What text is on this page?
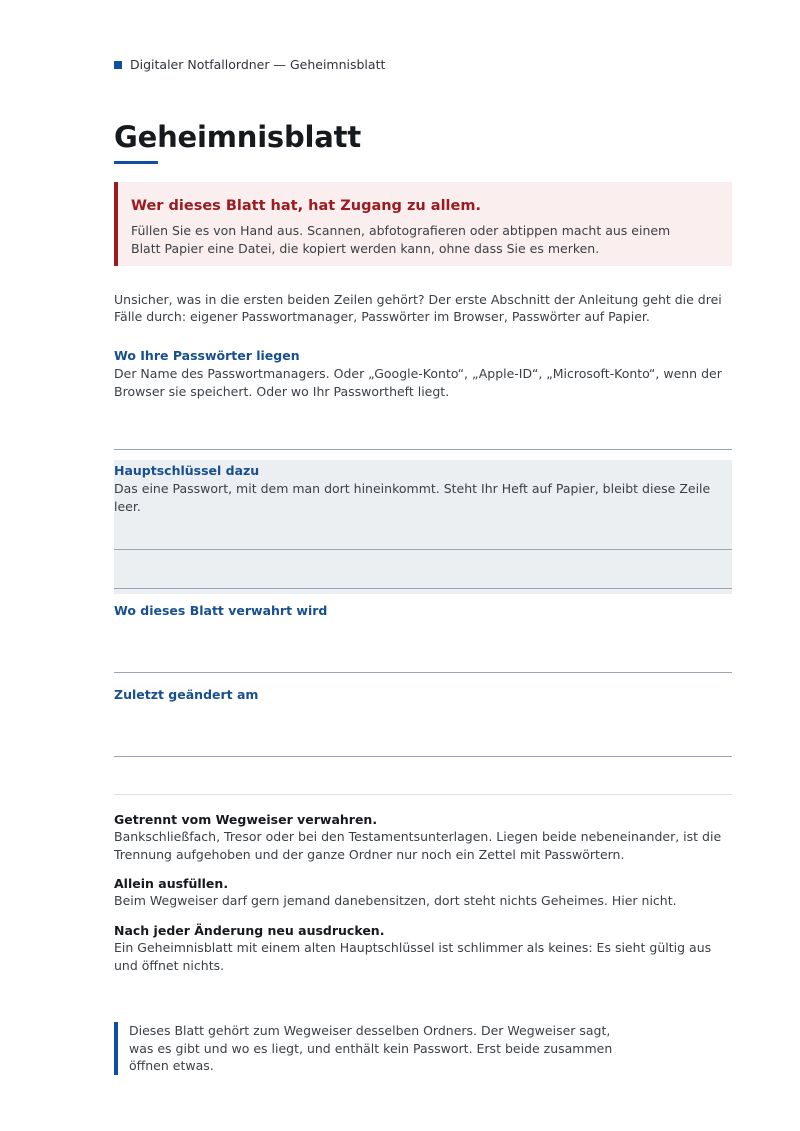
Digitaler Notfallordner — Geheimnisblatt
Geheimnisblatt
Wer dieses Blatt hat, hat Zugang zu allem.

Füllen Sie es von Hand aus. Scannen, abfotografieren oder abtippen macht aus einem Blatt Papier eine Datei, die kopiert werden kann, ohne dass Sie es merken.

Unsicher, was in die ersten beiden Zeilen gehört? Der erste Abschnitt der Anleitung geht die drei Fälle durch: eigener Passwortmanager, Passwörter im Browser, Passwörter auf Papier.

Wo Ihre Passwörter liegen

Der Name des Passwortmanagers. Oder „Google-Konto“, „Apple-ID“, „Microsoft-Konto“, wenn der Browser sie speichert. Oder wo Ihr Passwortheft liegt.

Hauptschlüssel dazu

Das eine Passwort, mit dem man dort hineinkommt. Steht Ihr Heft auf Papier, bleibt diese Zeile leer.

Wo dieses Blatt verwahrt wird

Zuletzt geändert am

Getrennt vom Wegweiser verwahren.

Bankschließfach, Tresor oder bei den Testamentsunterlagen. Liegen beide nebeneinander, ist die Trennung aufgehoben und der ganze Ordner nur noch ein Zettel mit Passwörtern.

Allein ausfüllen.

Beim Wegweiser darf gern jemand danebensitzen, dort steht nichts Geheimes. Hier nicht.

Nach jeder Änderung neu ausdrucken.

Ein Geheimnisblatt mit einem alten Hauptschlüssel ist schlimmer als keines: Es sieht gültig aus und öffnet nichts.

Dieses Blatt gehört zum Wegweiser desselben Ordners. Der Wegweiser sagt, was es gibt und wo es liegt, und enthält kein Passwort. Erst beide zusammen öffnen etwas.
